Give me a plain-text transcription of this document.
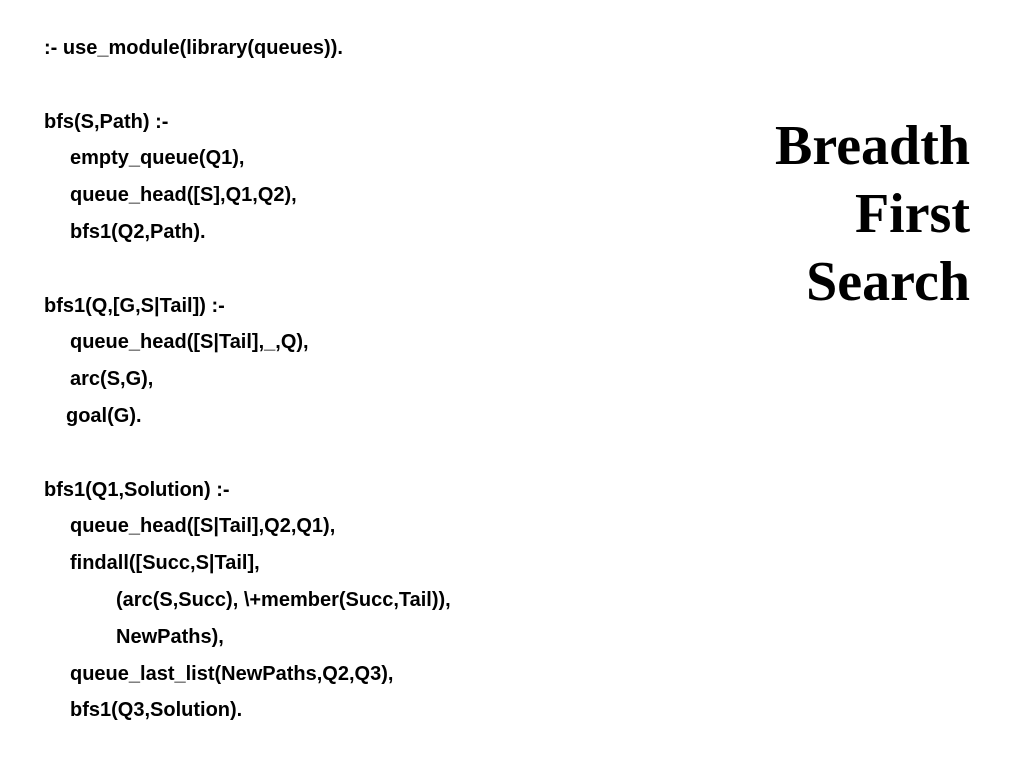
:- use_module(library(queues)).
bfs(S,Path) :-
empty_queue(Q1),
queue_head([S],Q1,Q2),
bfs1(Q2,Path).
bfs1(Q,[G,S|Tail]) :-
queue_head([S|Tail],_,Q),
arc(S,G),
goal(G).
bfs1(Q1,Solution) :-
queue_head([S|Tail],Q2,Q1),
findall([Succ,S|Tail],
(arc(S,Succ), \+member(Succ,Tail)),
NewPaths),
queue_last_list(NewPaths,Q2,Q3),
bfs1(Q3,Solution).
Breadth
First
Search
